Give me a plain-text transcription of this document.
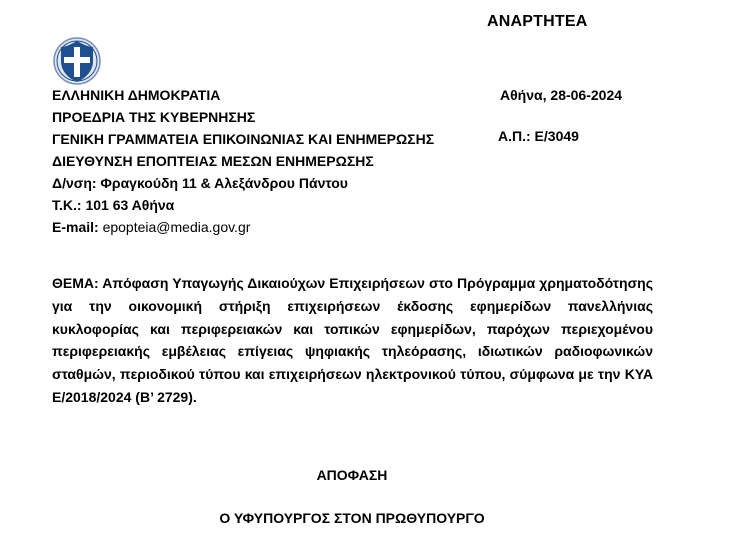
ΑΝΑΡΤΗΤΕΑ
ΕΛΛΗΝΙΚΗ ΔΗΜΟΚΡΑΤΙΑ
ΠΡΟΕΔΡΙΑ ΤΗΣ ΚΥΒΕΡΝΗΣΗΣ
ΓΕΝΙΚΗ ΓΡΑΜΜΑΤΕΙΑ ΕΠΙΚΟΙΝΩΝΙΑΣ ΚΑΙ ΕΝΗΜΕΡΩΣΗΣ
ΔΙΕΥΘΥΝΣΗ ΕΠΟΠΤΕΙΑΣ ΜΕΣΩΝ ΕΝΗΜΕΡΩΣΗΣ
Δ/νση: Φραγκούδη 11 & Αλεξάνδρου Πάντου
Τ.Κ.: 101 63 Αθήνα
E-mail: epopteia@media.gov.gr
Αθήνα, 28-06-2024
Α.Π.: Ε/3049
ΘΕΜΑ: Απόφαση Υπαγωγής Δικαιούχων Επιχειρήσεων στο Πρόγραμμα χρηματοδότησης για την οικονομική στήριξη επιχειρήσεων έκδοσης εφημερίδων πανελλήνιας κυκλοφορίας και περιφερειακών και τοπικών εφημερίδων, παρόχων περιεχομένου περιφερειακής εμβέλειας επίγειας ψηφιακής τηλεόρασης, ιδιωτικών ραδιοφωνικών σταθμών, περιοδικού τύπου και επιχειρήσεων ηλεκτρονικού τύπου, σύμφωνα με την ΚΥΑ Ε/2018/2024 (Β’ 2729).
ΑΠΟΦΑΣΗ
Ο ΥΦΥΠΟΥΡΓΟΣ ΣΤΟΝ ΠΡΩΘΥΠΟΥΡΓΟ
